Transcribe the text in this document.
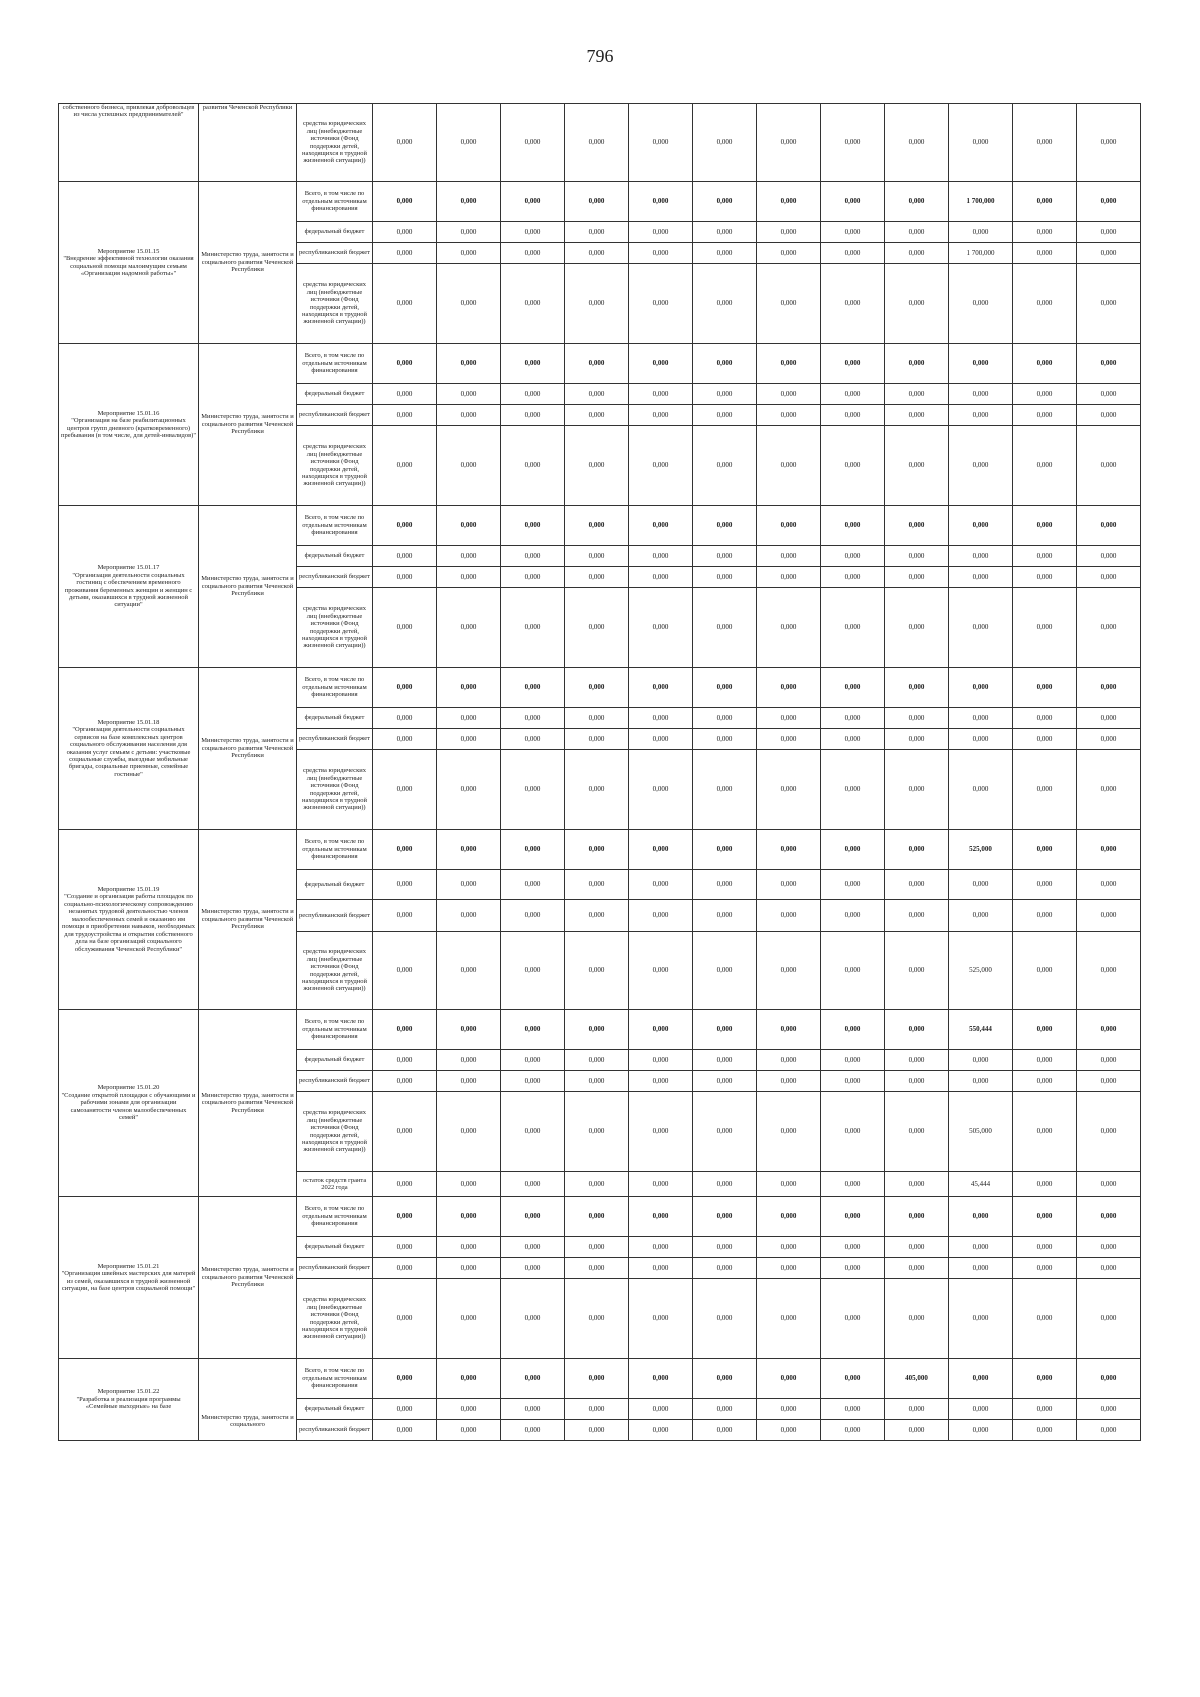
796
собственного бизнеса, привлекая добровольцев из числа успешных предпринимателей"	развития Чеченской Республики	средства юридических лиц (внебюджетные источники (Фонд поддержки детей, находящихся в трудной жизненной ситуации))	0,000	0,000	0,000	0,000	0,000	0,000	0,000	0,000	0,000	0,000	0,000	0,000

Мероприятие 15.01.15
"Внедрение эффективной технологии оказания социальной помощи малоимущим семьям «Организация надомной работы»"	Министерство труда, занятости и социального развития Чеченской Республики	Всего, в том числе по отдельным источникам финансирования	0,000	0,000	0,000	0,000	0,000	0,000	0,000	0,000	0,000	1 700,000	0,000	0,000
		федеральный бюджет	0,000	0,000	0,000	0,000	0,000	0,000	0,000	0,000	0,000	0,000	0,000	0,000
		республиканский бюджет	0,000	0,000	0,000	0,000	0,000	0,000	0,000	0,000	0,000	1 700,000	0,000	0,000
		средства юридических лиц (внебюджетные источники (Фонд поддержки детей, находящихся в трудной жизненной ситуации))	0,000	0,000	0,000	0,000	0,000	0,000	0,000	0,000	0,000	0,000	0,000	0,000

Мероприятие 15.01.16
"Организация на базе реабилитационных центров групп дневного (кратковременного) пребывания (в том числе, для детей-инвалидов)"	Министерство труда, занятости и социального развития Чеченской Республики	Всего, в том числе по отдельным источникам финансирования	0,000	0,000	0,000	0,000	0,000	0,000	0,000	0,000	0,000	0,000	0,000	0,000
		федеральный бюджет	0,000	0,000	0,000	0,000	0,000	0,000	0,000	0,000	0,000	0,000	0,000	0,000
		республиканский бюджет	0,000	0,000	0,000	0,000	0,000	0,000	0,000	0,000	0,000	0,000	0,000	0,000
		средства юридических лиц (внебюджетные источники (Фонд поддержки детей, находящихся в трудной жизненной ситуации))	0,000	0,000	0,000	0,000	0,000	0,000	0,000	0,000	0,000	0,000	0,000	0,000

Мероприятие 15.01.17
"Организация деятельности социальных гостиниц с обеспечением временного проживания беременных женщин и женщин с детьми, оказавшихся в трудной жизненной ситуации"	Министерство труда, занятости и социального развития Чеченской Республики	Всего, в том числе по отдельным источникам финансирования	0,000	0,000	0,000	0,000	0,000	0,000	0,000	0,000	0,000	0,000	0,000	0,000
		федеральный бюджет	0,000	0,000	0,000	0,000	0,000	0,000	0,000	0,000	0,000	0,000	0,000	0,000
		республиканский бюджет	0,000	0,000	0,000	0,000	0,000	0,000	0,000	0,000	0,000	0,000	0,000	0,000
		средства юридических лиц (внебюджетные источники (Фонд поддержки детей, находящихся в трудной жизненной ситуации))	0,000	0,000	0,000	0,000	0,000	0,000	0,000	0,000	0,000	0,000	0,000	0,000

Мероприятие 15.01.18
"Организация деятельности социальных сервисов на базе комплексных центров социального обслуживания населения для оказания услуг семьям с детьми: участковые социальные службы, выездные мобильные бригады, социальные приемные, семейные гостиные"	Министерство труда, занятости и социального развития Чеченской Республики	Всего, в том числе по отдельным источникам финансирования	0,000	0,000	0,000	0,000	0,000	0,000	0,000	0,000	0,000	0,000	0,000	0,000
		федеральный бюджет	0,000	0,000	0,000	0,000	0,000	0,000	0,000	0,000	0,000	0,000	0,000	0,000
		республиканский бюджет	0,000	0,000	0,000	0,000	0,000	0,000	0,000	0,000	0,000	0,000	0,000	0,000
		средства юридических лиц (внебюджетные источники (Фонд поддержки детей, находящихся в трудной жизненной ситуации))	0,000	0,000	0,000	0,000	0,000	0,000	0,000	0,000	0,000	0,000	0,000	0,000

Мероприятие 15.01.19
"Создание и организация работы площадок по социально-психологическому сопровождению незанятых трудовой деятельностью членов малообеспеченных семей и оказанию им помощи в приобретении навыков, необходимых для трудоустройства и открытия собственного дела на базе организаций социального обслуживания Чеченской Республики"	Министерство труда, занятости и социального развития Чеченской Республики	Всего, в том числе по отдельным источникам финансирования	0,000	0,000	0,000	0,000	0,000	0,000	0,000	0,000	0,000	525,000	0,000	0,000
		федеральный бюджет	0,000	0,000	0,000	0,000	0,000	0,000	0,000	0,000	0,000	0,000	0,000	0,000
		республиканский бюджет	0,000	0,000	0,000	0,000	0,000	0,000	0,000	0,000	0,000	0,000	0,000	0,000
		средства юридических лиц (внебюджетные источники (Фонд поддержки детей, находящихся в трудной жизненной ситуации))	0,000	0,000	0,000	0,000	0,000	0,000	0,000	0,000	0,000	525,000	0,000	0,000

Мероприятие 15.01.20
"Создание открытой площадки с обучающими и рабочими зонами для организации самозанятости членов малообеспеченных семей"	Министерство труда, занятости и социального развития Чеченской Республики	Всего, в том числе по отдельным источникам финансирования	0,000	0,000	0,000	0,000	0,000	0,000	0,000	0,000	0,000	550,444	0,000	0,000
		федеральный бюджет	0,000	0,000	0,000	0,000	0,000	0,000	0,000	0,000	0,000	0,000	0,000	0,000
		республиканский бюджет	0,000	0,000	0,000	0,000	0,000	0,000	0,000	0,000	0,000	0,000	0,000	0,000
		средства юридических лиц (внебюджетные источники (Фонд поддержки детей, находящихся в трудной жизненной ситуации))	0,000	0,000	0,000	0,000	0,000	0,000	0,000	0,000	0,000	505,000	0,000	0,000
		остаток средств гранта 2022 года	0,000	0,000	0,000	0,000	0,000	0,000	0,000	0,000	0,000	45,444	0,000	0,000

Мероприятие 15.01.21
"Организация швейных мастерских для матерей из семей, оказавшихся в трудной жизненной ситуации, на базе центров социальной помощи"	Министерство труда, занятости и социального развития Чеченской Республики	Всего, в том числе по отдельным источникам финансирования	0,000	0,000	0,000	0,000	0,000	0,000	0,000	0,000	0,000	0,000	0,000	0,000
		федеральный бюджет	0,000	0,000	0,000	0,000	0,000	0,000	0,000	0,000	0,000	0,000	0,000	0,000
		республиканский бюджет	0,000	0,000	0,000	0,000	0,000	0,000	0,000	0,000	0,000	0,000	0,000	0,000
		средства юридических лиц (внебюджетные источники (Фонд поддержки детей, находящихся в трудной жизненной ситуации))	0,000	0,000	0,000	0,000	0,000	0,000	0,000	0,000	0,000	0,000	0,000	0,000

Мероприятие 15.01.22
"Разработка и реализация программы «Семейные выходные» на базе	Министерство труда, занятости и социального	Всего, в том числе по отдельным источникам финансирования	0,000	0,000	0,000	0,000	0,000	0,000	0,000	0,000	405,000	0,000	0,000	0,000
		федеральный бюджет	0,000	0,000	0,000	0,000	0,000	0,000	0,000	0,000	0,000	0,000	0,000	0,000
		республиканский бюджет	0,000	0,000	0,000	0,000	0,000	0,000	0,000	0,000	0,000	0,000	0,000	0,000
